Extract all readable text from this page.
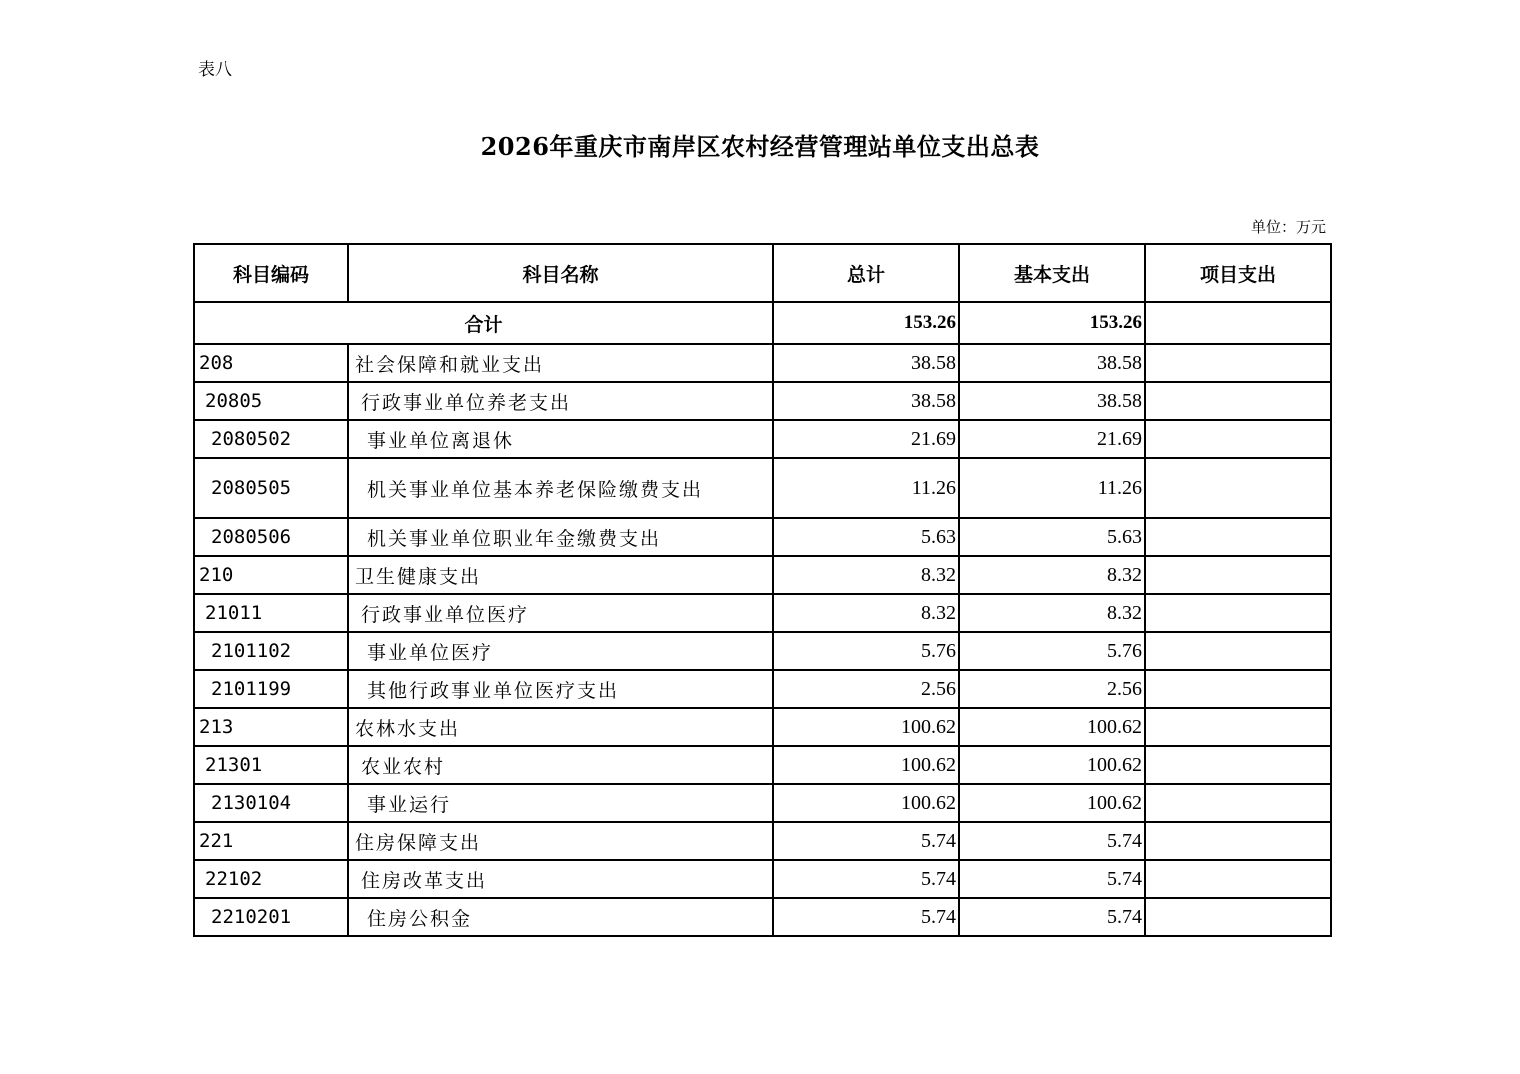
表八
2026年重庆市南岸区农村经营管理站单位支出总表
单位：万元
科目编码	科目名称	总计	基本支出	项目支出
合计		153.26	153.26	
208	社会保障和就业支出	38.58	38.58	
20805	行政事业单位养老支出	38.58	38.58	
2080502	事业单位离退休	21.69	21.69	
2080505	机关事业单位基本养老保险缴费支出	11.26	11.26	
2080506	机关事业单位职业年金缴费支出	5.63	5.63	
210	卫生健康支出	8.32	8.32	
21011	行政事业单位医疗	8.32	8.32	
2101102	事业单位医疗	5.76	5.76	
2101199	其他行政事业单位医疗支出	2.56	2.56	
213	农林水支出	100.62	100.62	
21301	农业农村	100.62	100.62	
2130104	事业运行	100.62	100.62	
221	住房保障支出	5.74	5.74	
22102	住房改革支出	5.74	5.74	
2210201	住房公积金	5.74	5.74	
